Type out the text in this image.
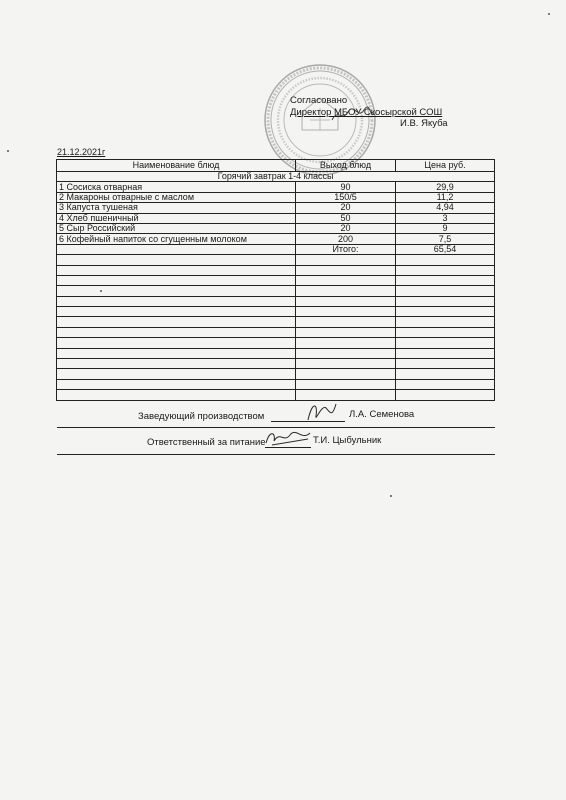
Согласовано
Директор МБОУ Скосырской СОШ
И.В. Якуба
21.12.2021г
Наименование блюд	Выход блюд	Цена руб.
Горячий завтрак 1-4 классы		
1 Сосиска отварная	90	29,9
2 Макароны отварные с маслом	150/5	11,2
3 Капуста тушеная	20	4,94
4 Хлеб пшеничный	50	3
5 Сыр Российский	20	9
6 Кофейный напиток со сгущенным молоком	200	7,5
	Итого:	65,54

Заведующий производством	Л.А. Семенова
Ответственный за питание	Т.И. Цыбульник
